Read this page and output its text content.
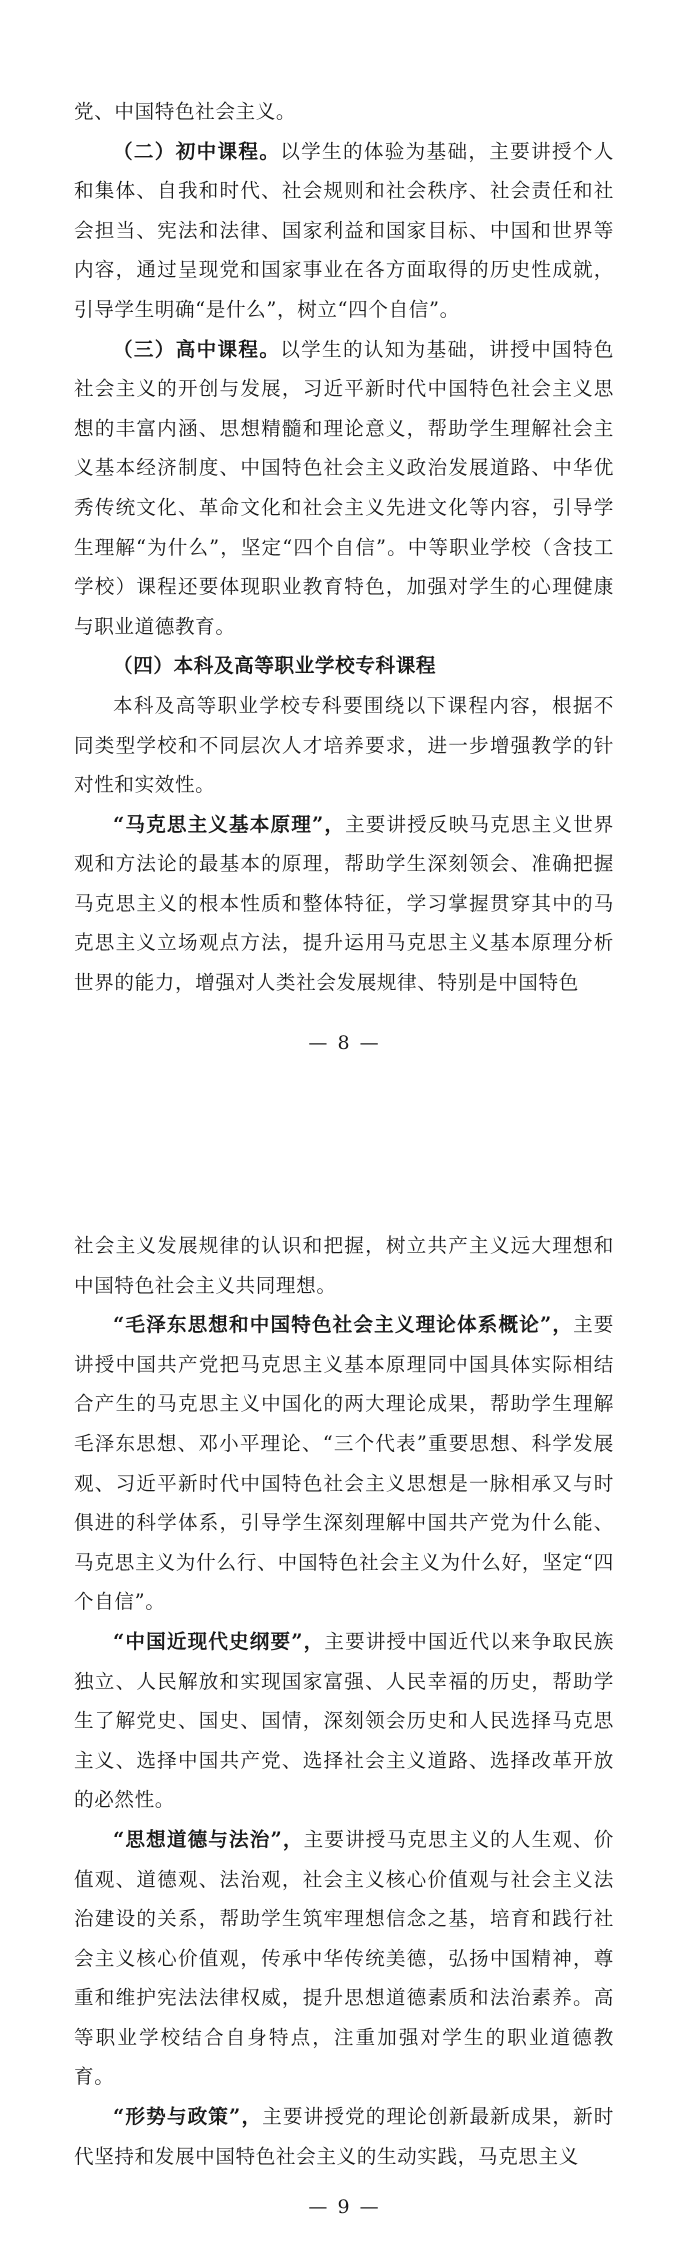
党、中国特色社会主义。

（二）初中课程。以学生的体验为基础，主要讲授个人和集体、自我和时代、社会规则和社会秩序、社会责任和社会担当、宪法和法律、国家利益和国家目标、中国和世界等内容，通过呈现党和国家事业在各方面取得的历史性成就，引导学生明确“是什么”，树立“四个自信”。

（三）高中课程。以学生的认知为基础，讲授中国特色社会主义的开创与发展，习近平新时代中国特色社会主义思想的丰富内涵、思想精髓和理论意义，帮助学生理解社会主义基本经济制度、中国特色社会主义政治发展道路、中华优秀传统文化、革命文化和社会主义先进文化等内容，引导学生理解“为什么”，坚定“四个自信”。中等职业学校（含技工学校）课程还要体现职业教育特色，加强对学生的心理健康与职业道德教育。

（四）本科及高等职业学校专科课程

本科及高等职业学校专科要围绕以下课程内容，根据不同类型学校和不同层次人才培养要求，进一步增强教学的针对性和实效性。

“马克思主义基本原理”，主要讲授反映马克思主义世界观和方法论的最基本的原理，帮助学生深刻领会、准确把握马克思主义的根本性质和整体特征，学习掌握贯穿其中的马克思主义立场观点方法，提升运用马克思主义基本原理分析世界的能力，增强对人类社会发展规律、特别是中国特色

— 8 —

社会主义发展规律的认识和把握，树立共产主义远大理想和中国特色社会主义共同理想。

“毛泽东思想和中国特色社会主义理论体系概论”，主要讲授中国共产党把马克思主义基本原理同中国具体实际相结合产生的马克思主义中国化的两大理论成果，帮助学生理解毛泽东思想、邓小平理论、“三个代表”重要思想、科学发展观、习近平新时代中国特色社会主义思想是一脉相承又与时俱进的科学体系，引导学生深刻理解中国共产党为什么能、马克思主义为什么行、中国特色社会主义为什么好，坚定“四个自信”。

“中国近现代史纲要”，主要讲授中国近代以来争取民族独立、人民解放和实现国家富强、人民幸福的历史，帮助学生了解党史、国史、国情，深刻领会历史和人民选择马克思主义、选择中国共产党、选择社会主义道路、选择改革开放的必然性。

“思想道德与法治”，主要讲授马克思主义的人生观、价值观、道德观、法治观，社会主义核心价值观与社会主义法治建设的关系，帮助学生筑牢理想信念之基，培育和践行社会主义核心价值观，传承中华传统美德，弘扬中国精神，尊重和维护宪法法律权威，提升思想道德素质和法治素养。高等职业学校结合自身特点，注重加强对学生的职业道德教育。

“形势与政策”，主要讲授党的理论创新最新成果，新时代坚持和发展中国特色社会主义的生动实践，马克思主义

— 9 —
